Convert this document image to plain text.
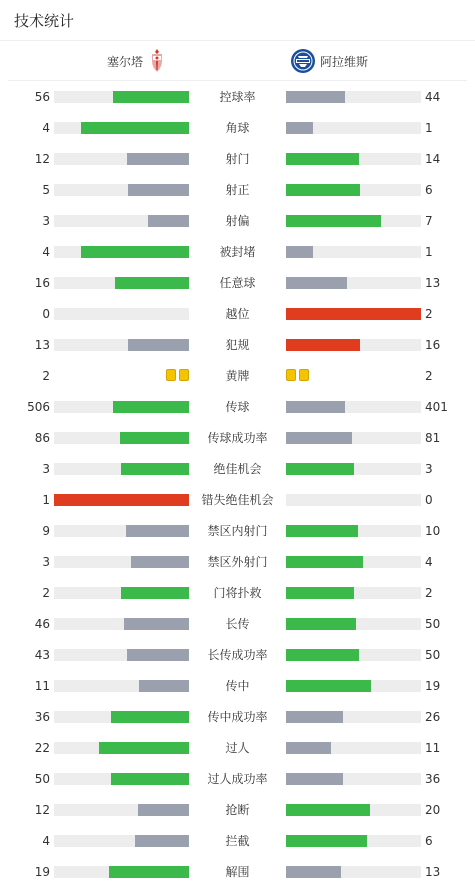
技术统计
塞尔塔	阿拉维斯
56	控球率	44
4	角球	1
12	射门	14
5	射正	6
3	射偏	7
4	被封堵	1
16	任意球	13
0	越位	2
13	犯规	16
2	黄牌	2
506	传球	401
86	传球成功率	81
3	绝佳机会	3
1	错失绝佳机会	0
9	禁区内射门	10
3	禁区外射门	4
2	门将扑救	2
46	长传	50
43	长传成功率	50
11	传中	19
36	传中成功率	26
22	过人	11
50	过人成功率	36
12	抢断	20
4	拦截	6
19	解围	13
